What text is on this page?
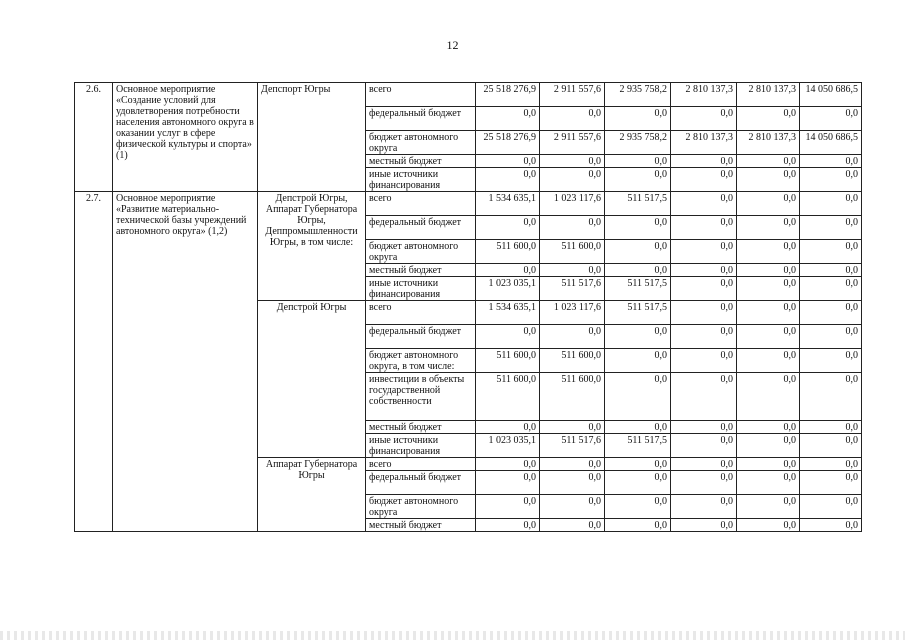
12
2.6.	Основное мероприятие «Создание условий для удовлетворения потребности населения автономного округа в оказании услуг в сфере физической культуры и спорта» (1)	Депспорт Югры	всего	25 518 276,9	2 911 557,6	2 935 758,2	2 810 137,3	2 810 137,3	14 050 686,5
			федеральный бюджет	0,0	0,0	0,0	0,0	0,0	0,0
			бюджет автономного округа	25 518 276,9	2 911 557,6	2 935 758,2	2 810 137,3	2 810 137,3	14 050 686,5
			местный бюджет	0,0	0,0	0,0	0,0	0,0	0,0
			иные источники финансирования	0,0	0,0	0,0	0,0	0,0	0,0
2.7.	Основное мероприятие «Развитие материально-технической базы учреждений автономного округа» (1,2)	Депстрой Югры, Аппарат Губернатора Югры, Деппромышленности Югры, в том числе:	всего	1 534 635,1	1 023 117,6	511 517,5	0,0	0,0	0,0
			федеральный бюджет	0,0	0,0	0,0	0,0	0,0	0,0
			бюджет автономного округа	511 600,0	511 600,0	0,0	0,0	0,0	0,0
			местный бюджет	0,0	0,0	0,0	0,0	0,0	0,0
			иные источники финансирования	1 023 035,1	511 517,6	511 517,5	0,0	0,0	0,0
		Депстрой Югры	всего	1 534 635,1	1 023 117,6	511 517,5	0,0	0,0	0,0
			федеральный бюджет	0,0	0,0	0,0	0,0	0,0	0,0
			бюджет автономного округа, в том числе:	511 600,0	511 600,0	0,0	0,0	0,0	0,0
			инвестиции в объекты государственной собственности	511 600,0	511 600,0	0,0	0,0	0,0	0,0
			местный бюджет	0,0	0,0	0,0	0,0	0,0	0,0
			иные источники финансирования	1 023 035,1	511 517,6	511 517,5	0,0	0,0	0,0
		Аппарат Губернатора Югры	всего	0,0	0,0	0,0	0,0	0,0	0,0
			федеральный бюджет	0,0	0,0	0,0	0,0	0,0	0,0
			бюджет автономного округа	0,0	0,0	0,0	0,0	0,0	0,0
			местный бюджет	0,0	0,0	0,0	0,0	0,0	0,0
